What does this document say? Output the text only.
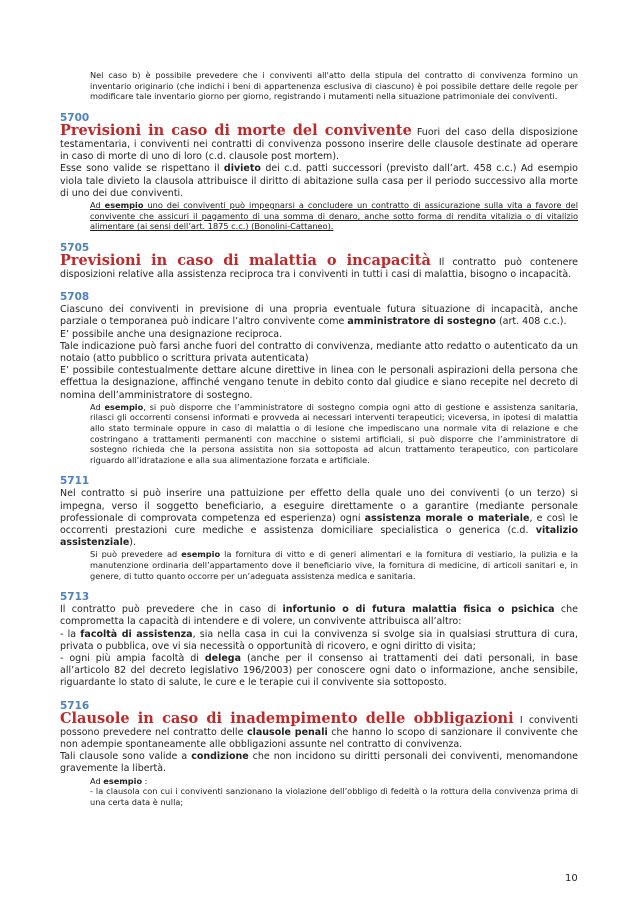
Nel caso b) è possibile prevedere che i conviventi all'atto della stipula del contratto di convivenza formino un inventario originario (che indichi i beni di appartenenza esclusiva di ciascuno) è poi possibile dettare delle regole per modificare tale inventario giorno per giorno, registrando i mutamenti nella situazione patrimoniale dei conviventi.

5700

Previsioni in caso di morte del convivente Fuori del caso della disposizione testamentaria, i conviventi nei contratti di convivenza possono inserire delle clausole destinate ad operare in caso di morte di uno di loro (c.d. clausole post mortem).

Esse sono valide se rispettano il divieto dei c.d. patti successori (previsto dall’art. 458 c.c.) Ad esempio viola tale divieto la clausola attribuisce il diritto di abitazione sulla casa per il periodo successivo alla morte di uno dei due conviventi.

Ad esempio uno dei conviventi può impegnarsi a concludere un contratto di assicurazione sulla vita a favore del convivente che assicuri il pagamento di una somma di denaro, anche sotto forma di rendita vitalizia o di vitalizio alimentare (ai sensi dell’art. 1875 c.c.) (Bonolini-Cattaneo).

5705

Previsioni in caso di malattia o incapacità Il contratto può contenere disposizioni relative alla assistenza reciproca tra i conviventi in tutti i casi di malattia, bisogno o incapacità.

5708

Ciascuno dei conviventi in previsione di una propria eventuale futura situazione di incapacità, anche parziale o temporanea può indicare l’altro convivente come amministratore di sostegno (art. 408 c.c.).

E’ possibile anche una designazione reciproca.

Tale indicazione può farsi anche fuori del contratto di convivenza, mediante atto redatto o autenticato da un notaio (atto pubblico o scrittura privata autenticata)

E’ possibile contestualmente dettare alcune direttive in linea con le personali aspirazioni della persona che effettua la designazione, affinché vengano tenute in debito conto dal giudice e siano recepite nel decreto di nomina dell’amministratore di sostegno.

Ad esempio, si può disporre che l’amministratore di sostegno compia ogni atto di gestione e assistenza sanitaria, rilasci gli occorrenti consensi informati e provveda ai necessari interventi terapeutici; viceversa, in ipotesi di malattia allo stato terminale oppure in caso di malattia o di lesione che impediscano una normale vita di relazione e che costringano a trattamenti permanenti con macchine o sistemi artificiali, si può disporre che l’amministratore di sostegno richieda che la persona assistita non sia sottoposta ad alcun trattamento terapeutico, con particolare riguardo all’idratazione e alla sua alimentazione forzata e artificiale.

5711

Nel contratto si può inserire una pattuizione per effetto della quale uno dei conviventi (o un terzo) si impegna, verso il soggetto beneficiario, a eseguire direttamente o a garantire (mediante personale professionale di comprovata competenza ed esperienza) ogni assistenza morale o materiale, e così le occorrenti prestazioni cure mediche e assistenza domiciliare specialistica o generica (c.d. vitalizio assistenziale).

Si può prevedere ad esempio la fornitura di vitto e di generi alimentari e la fornitura di vestiario, la pulizia e la manutenzione ordinaria dell’appartamento dove il beneficiario vive, la fornitura di medicine, di articoli sanitari e, in genere, di tutto quanto occorre per un’adeguata assistenza medica e sanitaria.

5713

Il contratto può prevedere che in caso di infortunio o di futura malattia fisica o psichica che comprometta la capacità di intendere e di volere, un convivente attribuisca all’altro:

- la facoltà di assistenza, sia nella casa in cui la convivenza si svolge sia in qualsiasi struttura di cura, privata o pubblica, ove vi sia necessità o opportunità di ricovero, e ogni diritto di visita;

- ogni più ampia facoltà di delega (anche per il consenso ai trattamenti dei dati personali, in base all’articolo 82 del decreto legislativo 196/2003) per conoscere ogni dato o informazione, anche sensibile, riguardante lo stato di salute, le cure e le terapie cui il convivente sia sottoposto.

5716

Clausole in caso di inadempimento delle obbligazioni I conviventi possono prevedere nel contratto delle clausole penali che hanno lo scopo di sanzionare il convivente che non adempie spontaneamente alle obbligazioni assunte nel contratto di convivenza.

Tali clausole sono valide a condizione che non incidono su diritti personali dei conviventi, menomandone gravemente la libertà.

Ad esempio :

- la clausola con cui i conviventi sanzionano la violazione dell’obbligo di fedeltà o la rottura della convivenza prima di una certa data è nulla;

10
